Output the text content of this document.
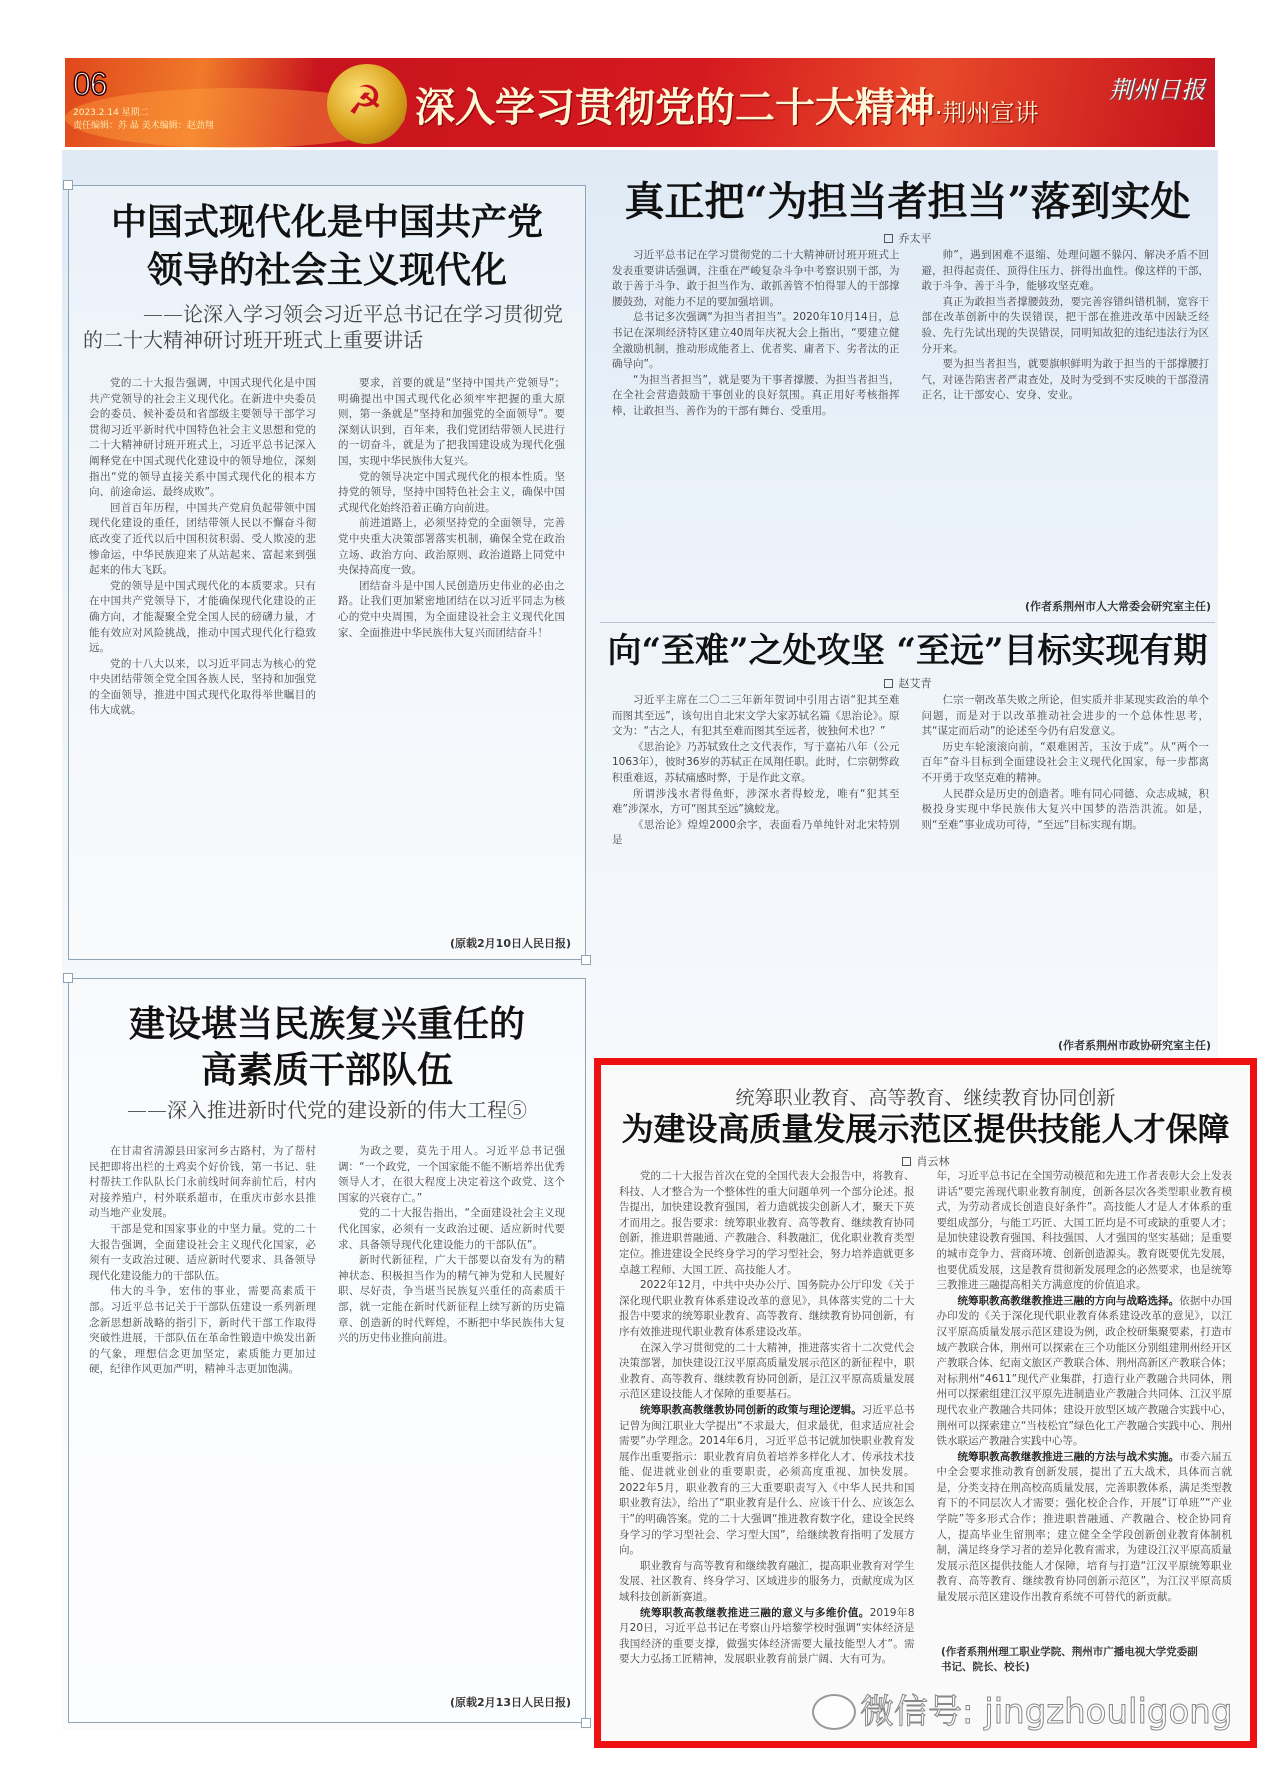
06
2023.2.14 星期二
责任编辑：苏 晶 美术编辑：赵劲翔
☭ 深入学习贯彻党的二十大精神·荆州宣讲
荆州日报
中国式现代化是中国共产党
领导的社会主义现代化
——论深入学习领会习近平总书记在学习贯彻党的二十大精神研讨班开班式上重要讲话

党的二十大报告强调，中国式现代化是中国共产党领导的社会主义现代化。在新进中央委员会的委员、候补委员和省部级主要领导干部学习贯彻习近平新时代中国特色社会主义思想和党的二十大精神研讨班开班式上，习近平总书记深入阐释党在中国式现代化建设中的领导地位，深刻指出“党的领导直接关系中国式现代化的根本方向、前途命运、最终成败”。

回首百年历程，中国共产党肩负起带领中国现代化建设的重任，团结带领人民以不懈奋斗彻底改变了近代以后中国积贫积弱、受人欺凌的悲惨命运，中华民族迎来了从站起来、富起来到强起来的伟大飞跃。

党的领导是中国式现代化的本质要求。只有在中国共产党领导下，才能确保现代化建设的正确方向，才能凝聚全党全国人民的磅礴力量，才能有效应对风险挑战，推动中国式现代化行稳致远。

党的十八大以来，以习近平同志为核心的党中央团结带领全党全国各族人民，坚持和加强党的全面领导，推进中国式现代化取得举世瞩目的伟大成就。

要求，首要的就是“坚持中国共产党领导”；明确提出中国式现代化必须牢牢把握的重大原则，第一条就是“坚持和加强党的全面领导”。要深刻认识到，百年来，我们党团结带领人民进行的一切奋斗，就是为了把我国建设成为现代化强国，实现中华民族伟大复兴。

党的领导决定中国式现代化的根本性质。坚持党的领导，坚持中国特色社会主义，确保中国式现代化始终沿着正确方向前进。

前进道路上，必须坚持党的全面领导，完善党中央重大决策部署落实机制，确保全党在政治立场、政治方向、政治原则、政治道路上同党中央保持高度一致。

团结奋斗是中国人民创造历史伟业的必由之路。让我们更加紧密地团结在以习近平同志为核心的党中央周围，为全面建设社会主义现代化国家、全面推进中华民族伟大复兴而团结奋斗！

(原载2月10日人民日报)
建设堪当民族复兴重任的
高素质干部队伍
——深入推进新时代党的建设新的伟大工程⑤

在甘肃省清源县田家河乡古路村，为了帮村民把即将出栏的土鸡卖个好价钱，第一书记、驻村帮扶工作队队长门永前线时间奔前忙后，村内对接养殖户，村外联系超市，在重庆市彭水县推动当地产业发展。

干部是党和国家事业的中坚力量。党的二十大报告强调，全面建设社会主义现代化国家，必须有一支政治过硬、适应新时代要求、具备领导现代化建设能力的干部队伍。

伟大的斗争，宏伟的事业，需要高素质干部。习近平总书记关于干部队伍建设一系列新理念新思想新战略的指引下，新时代干部工作取得突破性进展，干部队伍在革命性锻造中焕发出新的气象，理想信念更加坚定，素质能力更加过硬，纪律作风更加严明，精神斗志更加饱满。

为政之要，莫先于用人。习近平总书记强调：“一个政党，一个国家能不能不断培养出优秀领导人才，在很大程度上决定着这个政党、这个国家的兴衰存亡。”

党的二十大报告指出，“全面建设社会主义现代化国家，必须有一支政治过硬、适应新时代要求、具备领导现代化建设能力的干部队伍”。

新时代新征程，广大干部要以奋发有为的精神状态、积极担当作为的精气神为党和人民履好职、尽好责，争当堪当民族复兴重任的高素质干部，就一定能在新时代新征程上续写新的历史篇章、创造新的时代辉煌，不断把中华民族伟大复兴的历史伟业推向前进。

(原载2月13日人民日报)
真正把“为担当者担当”落到实处
乔太平

习近平总书记在学习贯彻党的二十大精神研讨班开班式上发表重要讲话强调，注重在严峻复杂斗争中考察识别干部，为敢于善于斗争、敢于担当作为、敢抓善管不怕得罪人的干部撑腰鼓劲，对能力不足的要加强培训。

总书记多次强调“为担当者担当”。2020年10月14日，总书记在深圳经济特区建立40周年庆祝大会上指出，“要建立健全激励机制，推动形成能者上、优者奖、庸者下、劣者汰的正确导向”。

“为担当者担当”，就是要为干事者撑腰、为担当者担当，在全社会营造鼓励干事创业的良好氛围。真正用好考核指挥棒，让敢担当、善作为的干部有舞台、受重用。

帅”，遇到困难不退缩、处理问题不躲闪、解决矛盾不回避，担得起责任、顶得住压力、拼得出血性。像这样的干部，敢于斗争、善于斗争，能够攻坚克难。

真正为敢担当者撑腰鼓劲，要完善容错纠错机制，宽容干部在改革创新中的失误错误，把干部在推进改革中因缺乏经验、先行先试出现的失误错误，同明知故犯的违纪违法行为区分开来。

要为担当者担当，就要旗帜鲜明为敢于担当的干部撑腰打气，对诬告陷害者严肃查处，及时为受到不实反映的干部澄清正名，让干部安心、安身、安业。

(作者系荆州市人大常委会研究室主任)
向“至难”之处攻坚 “至远”目标实现有期
赵艾青

习近平主席在二〇二三年新年贺词中引用古语“犯其至难而图其至远”，该句出自北宋文学大家苏轼名篇《思治论》。原文为：“古之人，有犯其至难而图其至远者，彼独何术也？”

《思治论》乃苏轼致仕之文代表作，写于嘉祐八年（公元1063年），彼时36岁的苏轼正在凤翔任职。此时，仁宗朝弊政积重难返，苏轼痛感时弊，于是作此文章。

所谓涉浅水者得鱼虾，涉深水者得蛟龙，唯有“犯其至难”涉深水，方可“图其至远”擒蛟龙。

《思治论》煌煌2000余字，表面看乃单纯针对北宋特别是

仁宗一朝改革失败之所论，但实质并非某现实政治的单个问题，而是对于以改革推动社会进步的一个总体性思考，其“谋定而后动”的论述至今仍有启发意义。

历史车轮滚滚向前，“艰难困苦，玉汝于成”。从“两个一百年”奋斗目标到全面建设社会主义现代化国家，每一步都离不开勇于攻坚克难的精神。

人民群众是历史的创造者。唯有同心同德、众志成城，积极投身实现中华民族伟大复兴中国梦的浩浩洪流。如是，则“至难”事业成功可待，“至远”目标实现有期。

(作者系荆州市政协研究室主任)
统筹职业教育、高等教育、继续教育协同创新
为建设高质量发展示范区提供技能人才保障
肖云林

党的二十大报告首次在党的全国代表大会报告中，将教育、科技、人才整合为一个整体性的重大问题单列一个部分论述。报告提出，加快建设教育强国，着力造就拔尖创新人才，聚天下英才而用之。报告要求：统筹职业教育、高等教育、继续教育协同创新，推进职普融通、产教融合、科教融汇，优化职业教育类型定位。推进建设全民终身学习的学习型社会，努力培养造就更多卓越工程师、大国工匠、高技能人才。

2022年12月，中共中央办公厅、国务院办公厅印发《关于深化现代职业教育体系建设改革的意见》，具体落实党的二十大报告中要求的统筹职业教育、高等教育、继续教育协同创新，有序有效推进现代职业教育体系建设改革。

在深入学习贯彻党的二十大精神，推进落实省十二次党代会决策部署，加快建设江汉平原高质量发展示范区的新征程中，职业教育、高等教育、继续教育协同创新，是江汉平原高质量发展示范区建设技能人才保障的重要基石。

统筹职教高教继教协同创新的政策与理论逻辑。习近平总书记曾为闽江职业大学提出“不求最大，但求最优，但求适应社会需要”办学理念。2014年6月，习近平总书记就加快职业教育发展作出重要指示：职业教育肩负着培养多样化人才、传承技术技能、促进就业创业的重要职责，必须高度重视、加快发展。2022年5月，职业教育的三大重要职责写入《中华人民共和国职业教育法》，给出了“职业教育是什么、应该干什么、应该怎么干”的明确答案。党的二十大强调“推进教育数字化，建设全民终身学习的学习型社会、学习型大国”，给继续教育指明了发展方向。

职业教育与高等教育和继续教育融汇，提高职业教育对学生发展、社区教育、终身学习、区域进步的服务力，贡献度成为区域科技创新新赛道。

统筹职教高教继教推进三融的意义与多维价值。2019年8月20日，习近平总书记在考察山丹培黎学校时强调“实体经济是我国经济的重要支撑，做强实体经济需要大量技能型人才”。需要大力弘扬工匠精神，发展职业教育前景广阔、大有可为。

年，习近平总书记在全国劳动模范和先进工作者表彰大会上发表讲话“要完善现代职业教育制度，创新各层次各类型职业教育模式，为劳动者成长创造良好条件”。高技能人才是人才体系的重要组成部分，与能工巧匠、大国工匠均是不可或缺的重要人才；是加快建设教育强国、科技强国、人才强国的坚实基础；是重要的城市竞争力、营商环境、创新创造源头。教育既要优先发展，也要优质发展，这是教育贯彻新发展理念的必然要求，也是统筹三教推进三融提高相关方满意度的价值追求。

统筹职教高教继教推进三融的方向与战略选择。依据中办国办印发的《关于深化现代职业教育体系建设改革的意见》，以江汉平原高质量发展示范区建设为例，政企校研集聚要素，打造市域产教联合体，荆州可以探索在三个功能区分别组建荆州经开区产教联合体、纪南文旅区产教联合体、荆州高新区产教联合体；对标荆州“4611”现代产业集群，打造行业产教融合共同体，荆州可以探索组建江汉平原先进制造业产教融合共同体、江汉平原现代农业产教融合共同体；建设开放型区域产教融合实践中心，荆州可以探索建立“当枝松宜”绿色化工产教融合实践中心、荆州铁水联运产教融合实践中心等。

统筹职教高教继教推进三融的方法与战术实施。市委六届五中全会要求推动教育创新发展，提出了五大战术，具体而言就是，分类支持在荆高校高质量发展，完善职教体系，满足类型教育下的不同层次人才需要；强化校企合作，开展“订单班”“产业学院”等多形式合作；推进职普融通、产教融合、校企协同育人，提高毕业生留荆率；建立健全全学段创新创业教育体制机制，满足终身学习者的差异化教育需求，为建设江汉平原高质量发展示范区提供技能人才保障，培育与打造“江汉平原统筹职业教育、高等教育、继续教育协同创新示范区”，为江汉平原高质量发展示范区建设作出教育系统不可替代的新贡献。

(作者系荆州理工职业学院、荆州市广播电视大学党委副
书记、院长、校长)
微信号: jingzhouligong
